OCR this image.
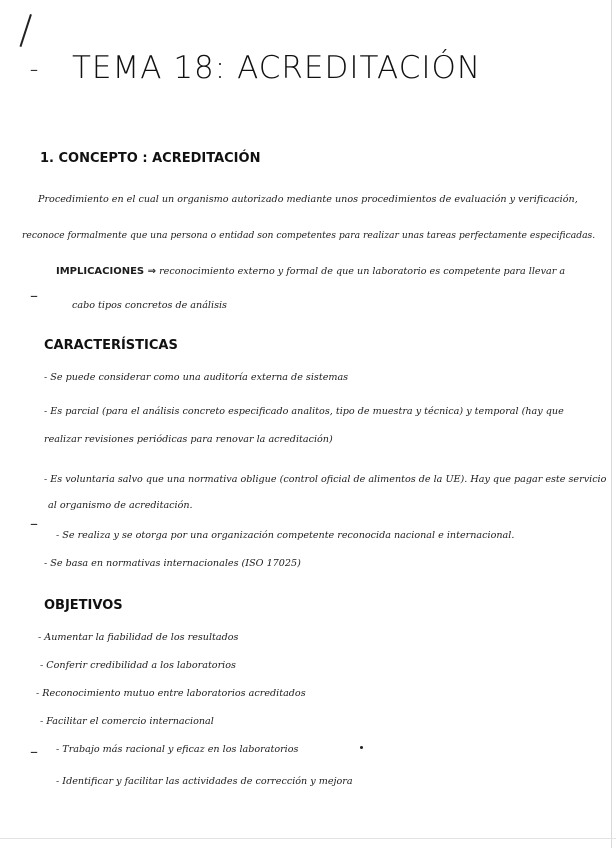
–
–
–
–
TEMA 18: ACREDITACIÓN
1. CONCEPTO : ACREDITACIÓN
Procedimiento en el cual un organismo autorizado mediante unos procedimientos de evaluación y verificación,
reconoce formalmente que una persona o entidad son competentes para realizar unas tareas perfectamente especificadas.
IMPLICACIONES ⇒ reconocimiento externo y formal de que un laboratorio es competente para llevar a
cabo tipos concretos de análisis
CARACTERÍSTICAS
- Se puede considerar como una auditoría externa de sistemas
- Es parcial (para el análisis concreto especificado analitos, tipo de muestra y técnica) y temporal (hay que
realizar revisiones periódicas para renovar la acreditación)
- Es voluntaria salvo que una normativa obligue (control oficial de alimentos de la UE). Hay que pagar este servicio
al organismo de acreditación.
- Se realiza y se otorga por una organización competente reconocida nacional e internacional.
- Se basa en normativas internacionales (ISO 17025)
OBJETIVOS
- Aumentar la fiabilidad de los resultados
- Conferir credibilidad a los laboratorios
- Reconocimiento mutuo entre laboratorios acreditados
- Facilitar el comercio internacional
- Trabajo más racional y eficaz en los laboratorios
- Identificar y facilitar las actividades de corrección y mejora
